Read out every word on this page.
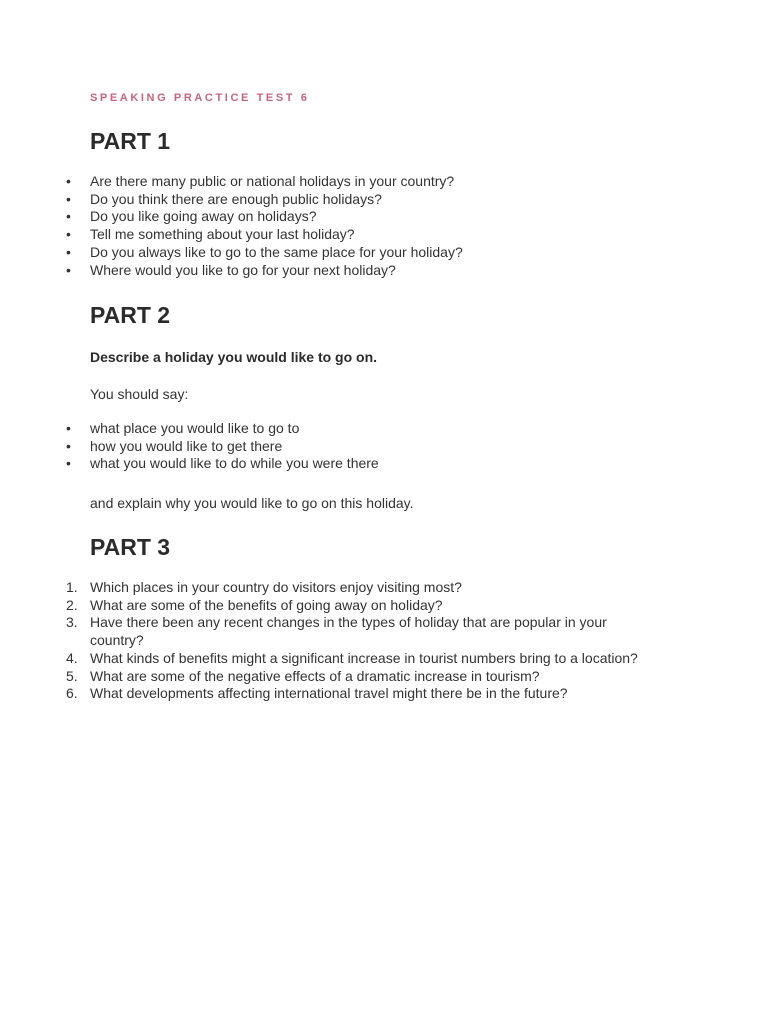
SPEAKING PRACTICE TEST 6
PART 1
• Are there many public or national holidays in your country?
• Do you think there are enough public holidays?
• Do you like going away on holidays?
• Tell me something about your last holiday?
• Do you always like to go to the same place for your holiday?
• Where would you like to go for your next holiday?
PART 2
Describe a holiday you would like to go on.
You should say:
• what place you would like to go to
• how you would like to get there
• what you would like to do while you were there
and explain why you would like to go on this holiday.
PART 3
1. Which places in your country do visitors enjoy visiting most?
2. What are some of the benefits of going away on holiday?
3. Have there been any recent changes in the types of holiday that are popular in your country?
4. What kinds of benefits might a significant increase in tourist numbers bring to a location?
5. What are some of the negative effects of a dramatic increase in tourism?
6. What developments affecting international travel might there be in the future?
